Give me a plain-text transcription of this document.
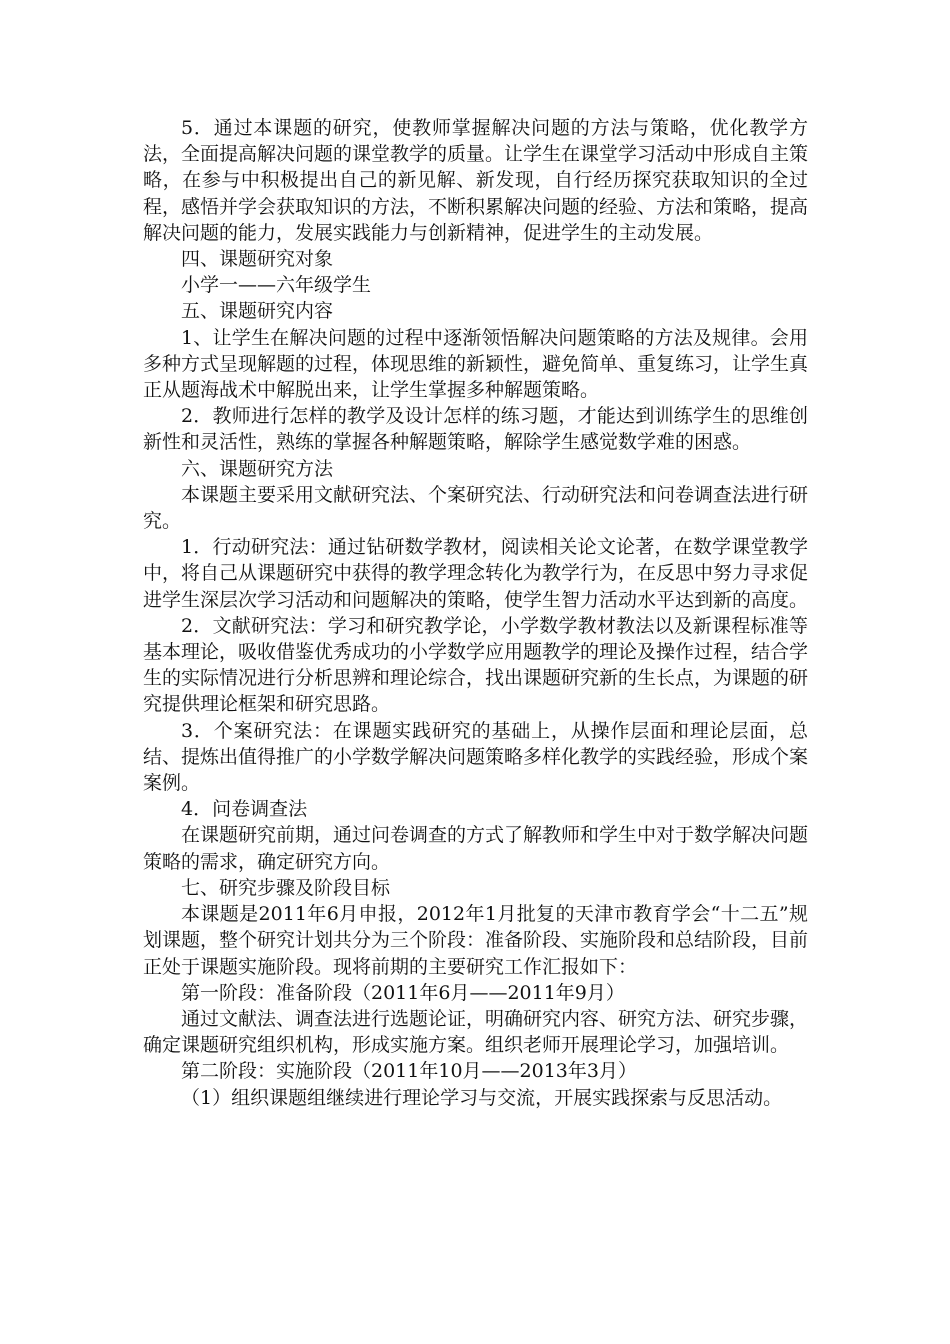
5．通过本课题的研究，使教师掌握解决问题的方法与策略，优化教学方法，全面提高解决问题的课堂教学的质量。让学生在课堂学习活动中形成自主策略，在参与中积极提出自己的新见解、新发现，自行经历探究获取知识的全过程，感悟并学会获取知识的方法，不断积累解决问题的经验、方法和策略，提高解决问题的能力，发展实践能力与创新精神，促进学生的主动发展。

四、课题研究对象

小学一——六年级学生

五、课题研究内容

1、让学生在解决问题的过程中逐渐领悟解决问题策略的方法及规律。会用多种方式呈现解题的过程，体现思维的新颖性，避免简单、重复练习，让学生真正从题海战术中解脱出来，让学生掌握多种解题策略。

2．教师进行怎样的教学及设计怎样的练习题，才能达到训练学生的思维创新性和灵活性，熟练的掌握各种解题策略，解除学生感觉数学难的困惑。

六、课题研究方法

本课题主要采用文献研究法、个案研究法、行动研究法和问卷调查法进行研究。

1．行动研究法：通过钻研数学教材，阅读相关论文论著，在数学课堂教学中，将自己从课题研究中获得的教学理念转化为教学行为，在反思中努力寻求促进学生深层次学习活动和问题解决的策略，使学生智力活动水平达到新的高度。

2．文献研究法：学习和研究教学论，小学数学教材教法以及新课程标准等基本理论，吸收借鉴优秀成功的小学数学应用题教学的理论及操作过程，结合学生的实际情况进行分析思辨和理论综合，找出课题研究新的生长点，为课题的研究提供理论框架和研究思路。

3．个案研究法：在课题实践研究的基础上，从操作层面和理论层面，总结、提炼出值得推广的小学数学解决问题策略多样化教学的实践经验，形成个案案例。

4．问卷调查法

在课题研究前期，通过问卷调查的方式了解教师和学生中对于数学解决问题策略的需求，确定研究方向。

七、研究步骤及阶段目标

本课题是2011年6月申报，2012年1月批复的天津市教育学会“十二五”规划课题，整个研究计划共分为三个阶段：准备阶段、实施阶段和总结阶段，目前正处于课题实施阶段。现将前期的主要研究工作汇报如下：

第一阶段：准备阶段（2011年6月——2011年9月）

通过文献法、调查法进行选题论证，明确研究内容、研究方法、研究步骤，确定课题研究组织机构，形成实施方案。组织老师开展理论学习，加强培训。

第二阶段：实施阶段（2011年10月——2013年3月）

（1）组织课题组继续进行理论学习与交流，开展实践探索与反思活动。
